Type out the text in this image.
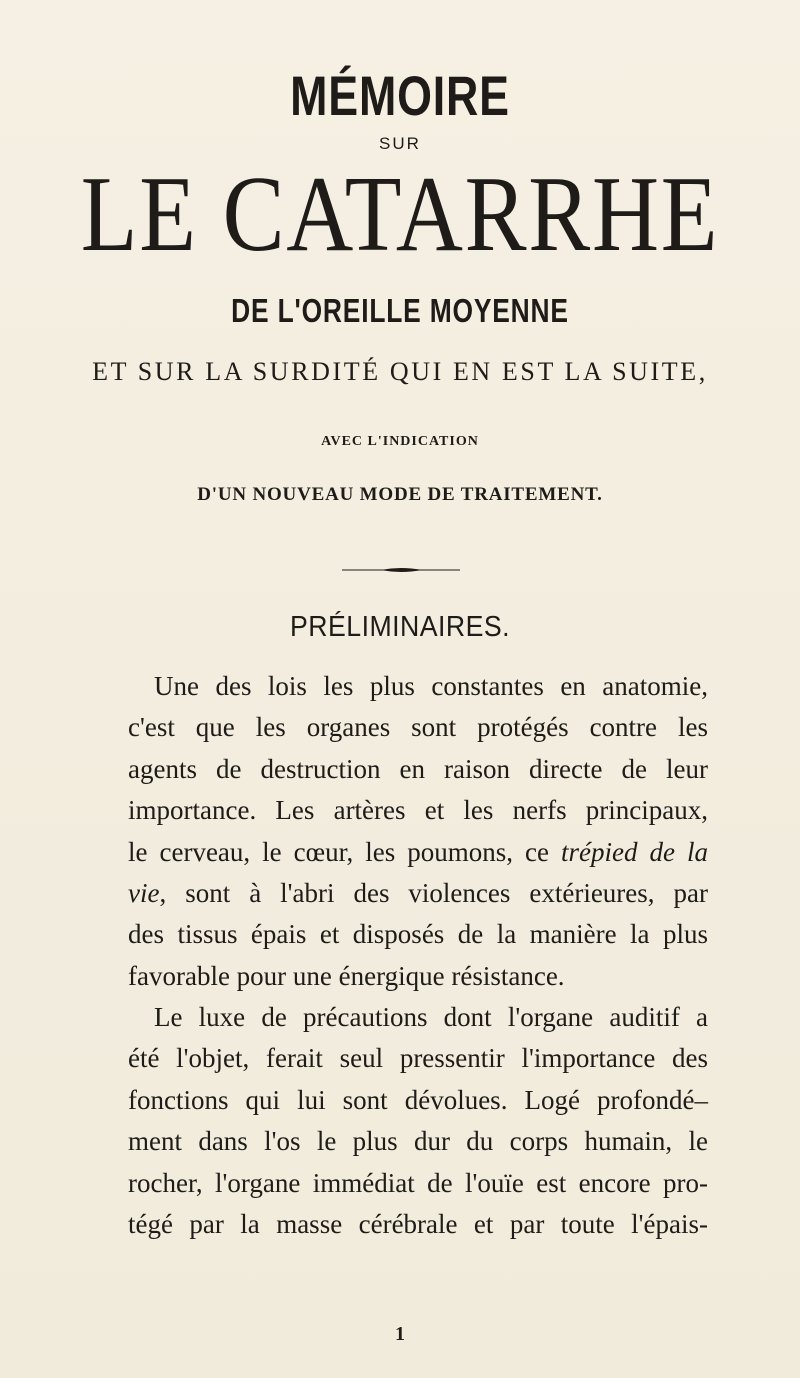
MÉMOIRE
SUR
LE CATARRHE
DE L'OREILLE MOYENNE
ET SUR LA SURDITÉ QUI EN EST LA SUITE,
AVEC L'INDICATION
D'UN NOUVEAU MODE DE TRAITEMENT.
PRÉLIMINAIRES.
Une des lois les plus constantes en anatomie,
c'est que les organes sont protégés contre les
agents de destruction en raison directe de leur
importance. Les artères et les nerfs principaux,
le cerveau, le cœur, les poumons, ce trépied de la
vie, sont à l'abri des violences extérieures, par
des tissus épais et disposés de la manière la plus
favorable pour une énergique résistance.
Le luxe de précautions dont l'organe auditif a
été l'objet, ferait seul pressentir l'importance des
fonctions qui lui sont dévolues. Logé profondé–
ment dans l'os le plus dur du corps humain, le
rocher, l'organe immédiat de l'ouïe est encore pro-
tégé par la masse cérébrale et par toute l'épais-
1
